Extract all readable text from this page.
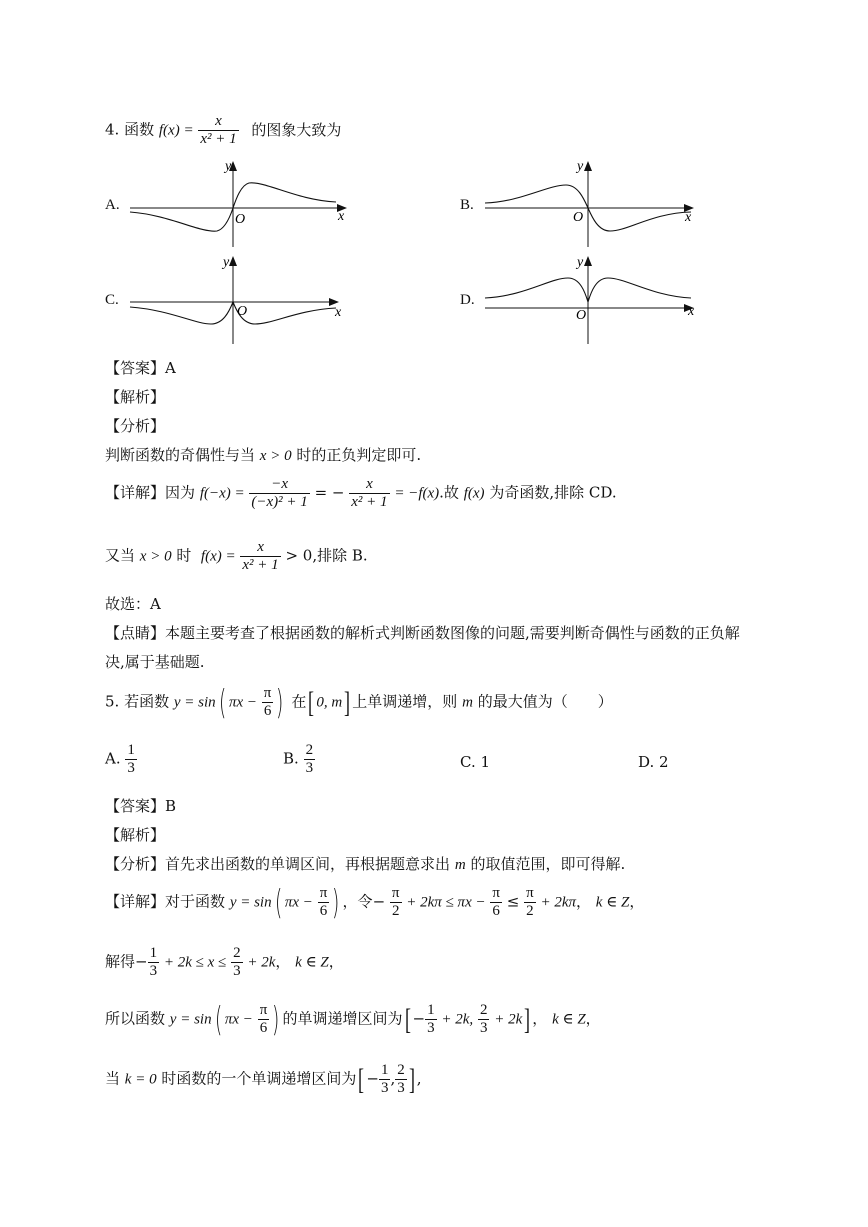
4. 函数 $f(x) = \frac{x}{\text{x² + 1}}$ 的图象大致为
A.
y
x
O
B.
y
x
O
C.
y
x
O
D.
y
x
O
【答案】A
【解析】
【分析】
判断函数的奇偶性与当 x > 0 时的正负判定即可.
【详解】因为 $f(-x) = \frac{-x}{\text{(−x)² + 1}}$ = − $\frac{x}{\text{x² + 1}} = -f(x)$.故 f(x) 为奇函数,排除 CD.
又当 x > 0 时 $f(x) = \frac{x}{\text{x² + 1}} > 0$,排除 B.
故选：A
【点睛】本题主要考查了根据函数的解析式判断函数图像的问题,需要判断奇偶性与函数的正负解
决,属于基础题.
5. 若函数 y = sin( $\pi x - \frac{\pi}{6}$ ) 在[ 0, m] 上单调递增，则 m 的最大值为（　　）
A. $\frac{1}{3}$	B. $\frac{2}{3}$	C. 1	D. 2
【答案】B
【解析】
【分析】首先求出函数的单调区间，再根据题意求出 m 的取值范围，即可得解.
【详解】对于函数 y = sin( $\pi x - \frac{\pi}{6}$ ) ，令− $\frac{\pi}{2} + 2k\pi \le \pi x - \frac{\pi}{6} \le \frac{\pi}{2} + 2k\pi$， k ∈ Z，
解得− $\frac{1}{3} + 2k \le x \le \frac{2}{3} + 2k$， k ∈ Z，
所以函数 y = sin( $\pi x - \frac{\pi}{6}$ ) 的单调递增区间为[ − $\frac{1}{3} + 2k$, $\frac{2}{3} + 2k$] ， k ∈ Z，
当 k = 0 时函数的一个单调递增区间为[ − $\frac{1}{3}$ , $\frac{2}{3}$ ] ,
